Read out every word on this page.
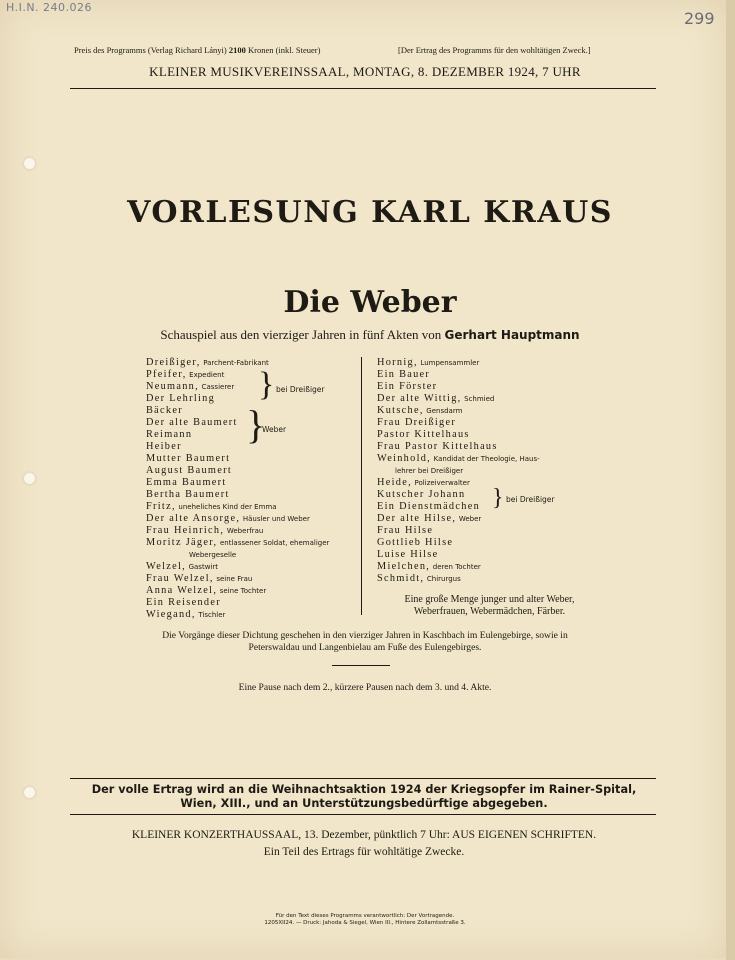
H.I.N. 240.026
299
Preis des Programms (Verlag Richard Lányi) 2100 Kronen (inkl. Steuer)	[Der Ertrag des Programms für den wohltätigen Zweck.]
KLEINER MUSIKVEREINSSAAL, MONTAG, 8. DEZEMBER 1924, 7 UHR
VORLESUNG KARL KRAUS
Die Weber
Schauspiel aus den vierziger Jahren in fünf Akten von Gerhart Hauptmann
Dreißiger, Parchent-Fabrikant
Pfeifer, Expedient
Neumann, Cassierer
Der Lehrling
Bäcker
Der alte Baumert
Reimann
Heiber
Mutter Baumert
August Baumert
Emma Baumert
Bertha Baumert
Fritz, uneheliches Kind der Emma
Der alte Ansorge, Häusler und Weber
Frau Heinrich, Weberfrau
Moritz Jäger, entlassener Soldat, ehemaliger
Webergeselle
Welzel, Gastwirt
Frau Welzel, seine Frau
Anna Welzel, seine Tochter
Ein Reisender
Wiegand, Tischler
Hornig, Lumpensammler
Ein Bauer
Ein Förster
Der alte Wittig, Schmied
Kutsche, Gensdarm
Frau Dreißiger
Pastor Kittelhaus
Frau Pastor Kittelhaus
Weinhold, Kandidat der Theologie, Haus-
lehrer bei Dreißiger
Heide, Polizeiverwalter
Kutscher Johann
Ein Dienstmädchen
Der alte Hilse, Weber
Frau Hilse
Gottlieb Hilse
Luise Hilse
Mielchen, deren Tochter
Schmidt, Chirurgus
} bei Dreißiger
}
Weber
} bei Dreißiger
Eine große Menge junger und alter Weber, Weberfrauen, Webermädchen, Färber.
Die Vorgänge dieser Dichtung geschehen in den vierziger Jahren in Kaschbach im Eulengebirge, sowie in Peterswaldau und Langenbielau am Fuße des Eulengebirges.
Eine Pause nach dem 2., kürzere Pausen nach dem 3. und 4. Akte.
Der volle Ertrag wird an die Weihnachtsaktion 1924 der Kriegsopfer im Rainer-Spital,
Wien, XIII., und an Unterstützungsbedürftige abgegeben.
KLEINER KONZERTHAUSSAAL, 13. Dezember, pünktlich 7 Uhr: AUS EIGENEN SCHRIFTEN.
Ein Teil des Ertrags für wohltätige Zwecke.
Für den Text dieses Programms verantwortlich: Der Vortragende.
1205XII24. — Druck: Jahoda & Siegel, Wien III., Hintere Zollamtsstraße 3.
